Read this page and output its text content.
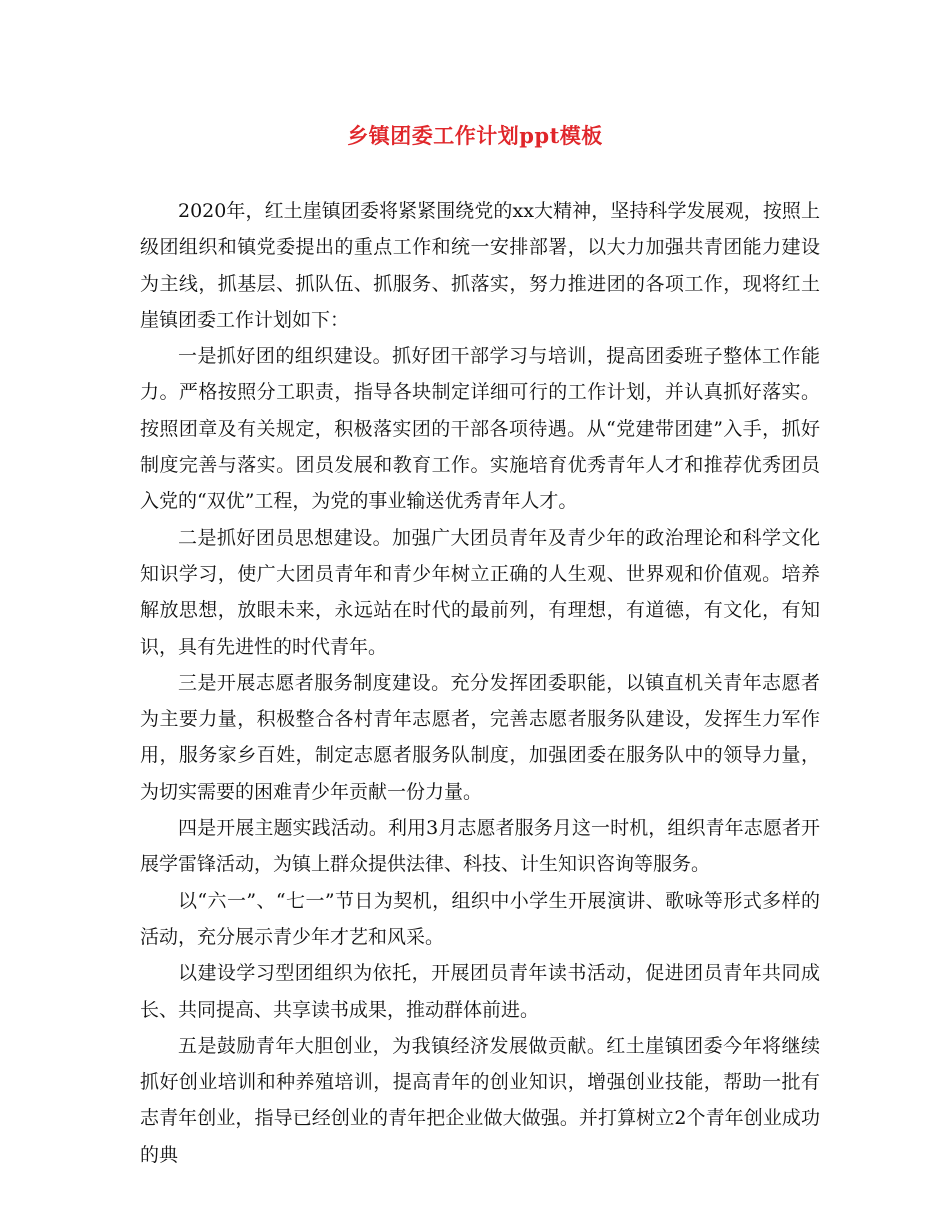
乡镇团委工作计划ppt模板

2020年，红土崖镇团委将紧紧围绕党的xx大精神，坚持科学发展观，按照上级团组织和镇党委提出的重点工作和统一安排部署，以大力加强共青团能力建设为主线，抓基层、抓队伍、抓服务、抓落实，努力推进团的各项工作，现将红土崖镇团委工作计划如下：

一是抓好团的组织建设。抓好团干部学习与培训，提高团委班子整体工作能力。严格按照分工职责，指导各块制定详细可行的工作计划，并认真抓好落实。按照团章及有关规定，积极落实团的干部各项待遇。从“党建带团建”入手，抓好制度完善与落实。团员发展和教育工作。实施培育优秀青年人才和推荐优秀团员入党的“双优”工程，为党的事业输送优秀青年人才。

二是抓好团员思想建设。加强广大团员青年及青少年的政治理论和科学文化知识学习，使广大团员青年和青少年树立正确的人生观、世界观和价值观。培养解放思想，放眼未来，永远站在时代的最前列，有理想，有道德，有文化，有知识，具有先进性的时代青年。

三是开展志愿者服务制度建设。充分发挥团委职能，以镇直机关青年志愿者为主要力量，积极整合各村青年志愿者，完善志愿者服务队建设，发挥生力军作用，服务家乡百姓，制定志愿者服务队制度，加强团委在服务队中的领导力量，为切实需要的困难青少年贡献一份力量。

四是开展主题实践活动。利用3月志愿者服务月这一时机，组织青年志愿者开展学雷锋活动，为镇上群众提供法律、科技、计生知识咨询等服务。

以“六一”、“七一”节日为契机，组织中小学生开展演讲、歌咏等形式多样的活动，充分展示青少年才艺和风采。

以建设学习型团组织为依托，开展团员青年读书活动，促进团员青年共同成长、共同提高、共享读书成果，推动群体前进。

五是鼓励青年大胆创业，为我镇经济发展做贡献。红土崖镇团委今年将继续抓好创业培训和种养殖培训，提高青年的创业知识，增强创业技能，帮助一批有志青年创业，指导已经创业的青年把企业做大做强。并打算树立2个青年创业成功的典
